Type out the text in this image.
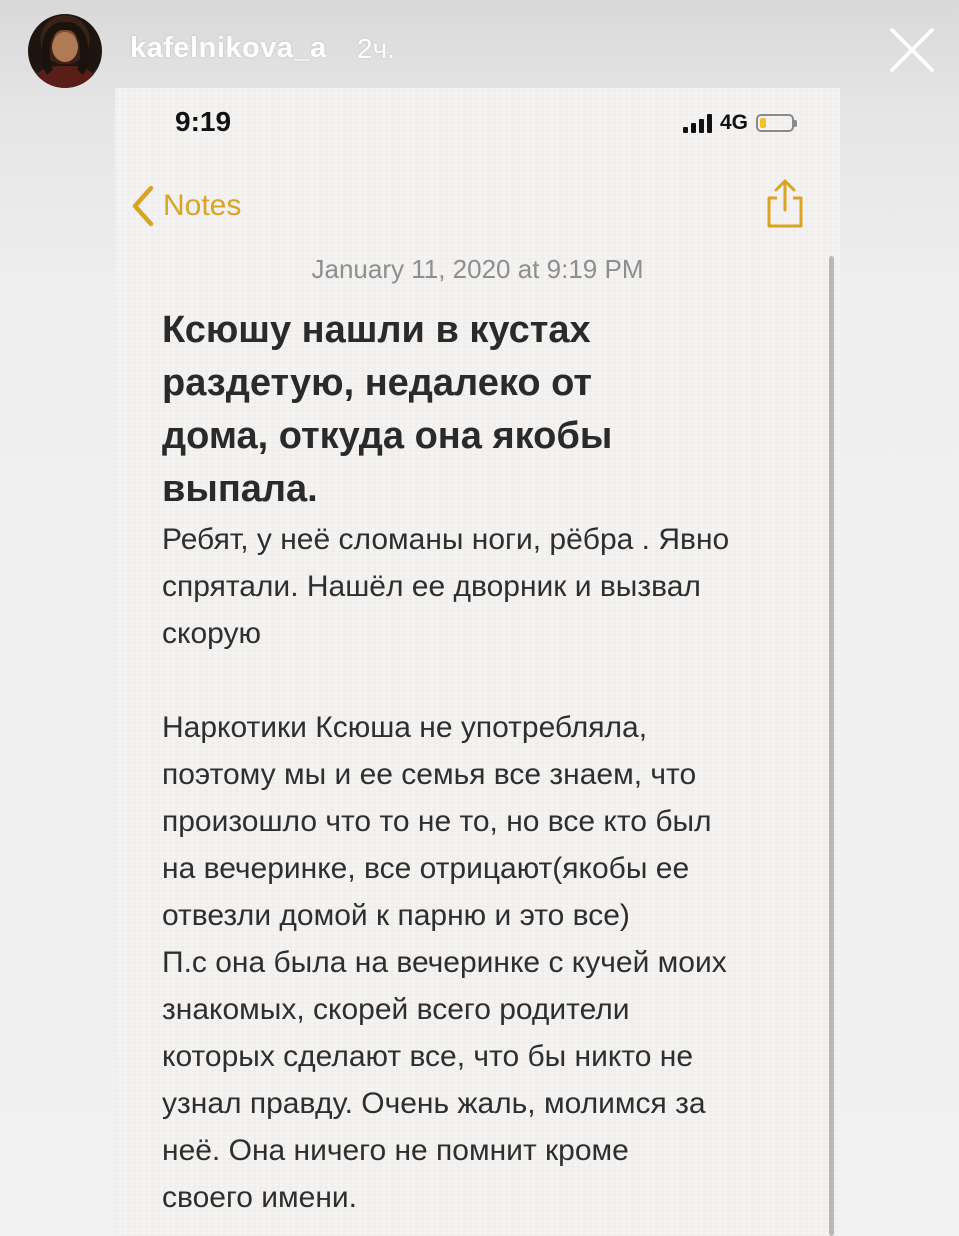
kafelnikova_a 2ч.
9:19	4G
Notes
January 11, 2020 at 9:19 PM
Ксюшу нашли в кустах
раздетую, недалеко от
дома, откуда она якобы
выпала.
Ребят, у неё сломаны ноги, рёбра . Явно
спрятали. Нашёл ее дворник и вызвал
скорую
Наркотики Ксюша не употребляла,
поэтому мы и ее семья все знаем, что
произошло что то не то, но все кто был
на вечеринке, все отрицают(якобы ее
отвезли домой к парню и это все)
П.с она была на вечеринке с кучей моих
знакомых, скорей всего родители
которых сделают все, что бы никто не
узнал правду. Очень жаль, молимся за
неё. Она ничего не помнит кроме
своего имени.
